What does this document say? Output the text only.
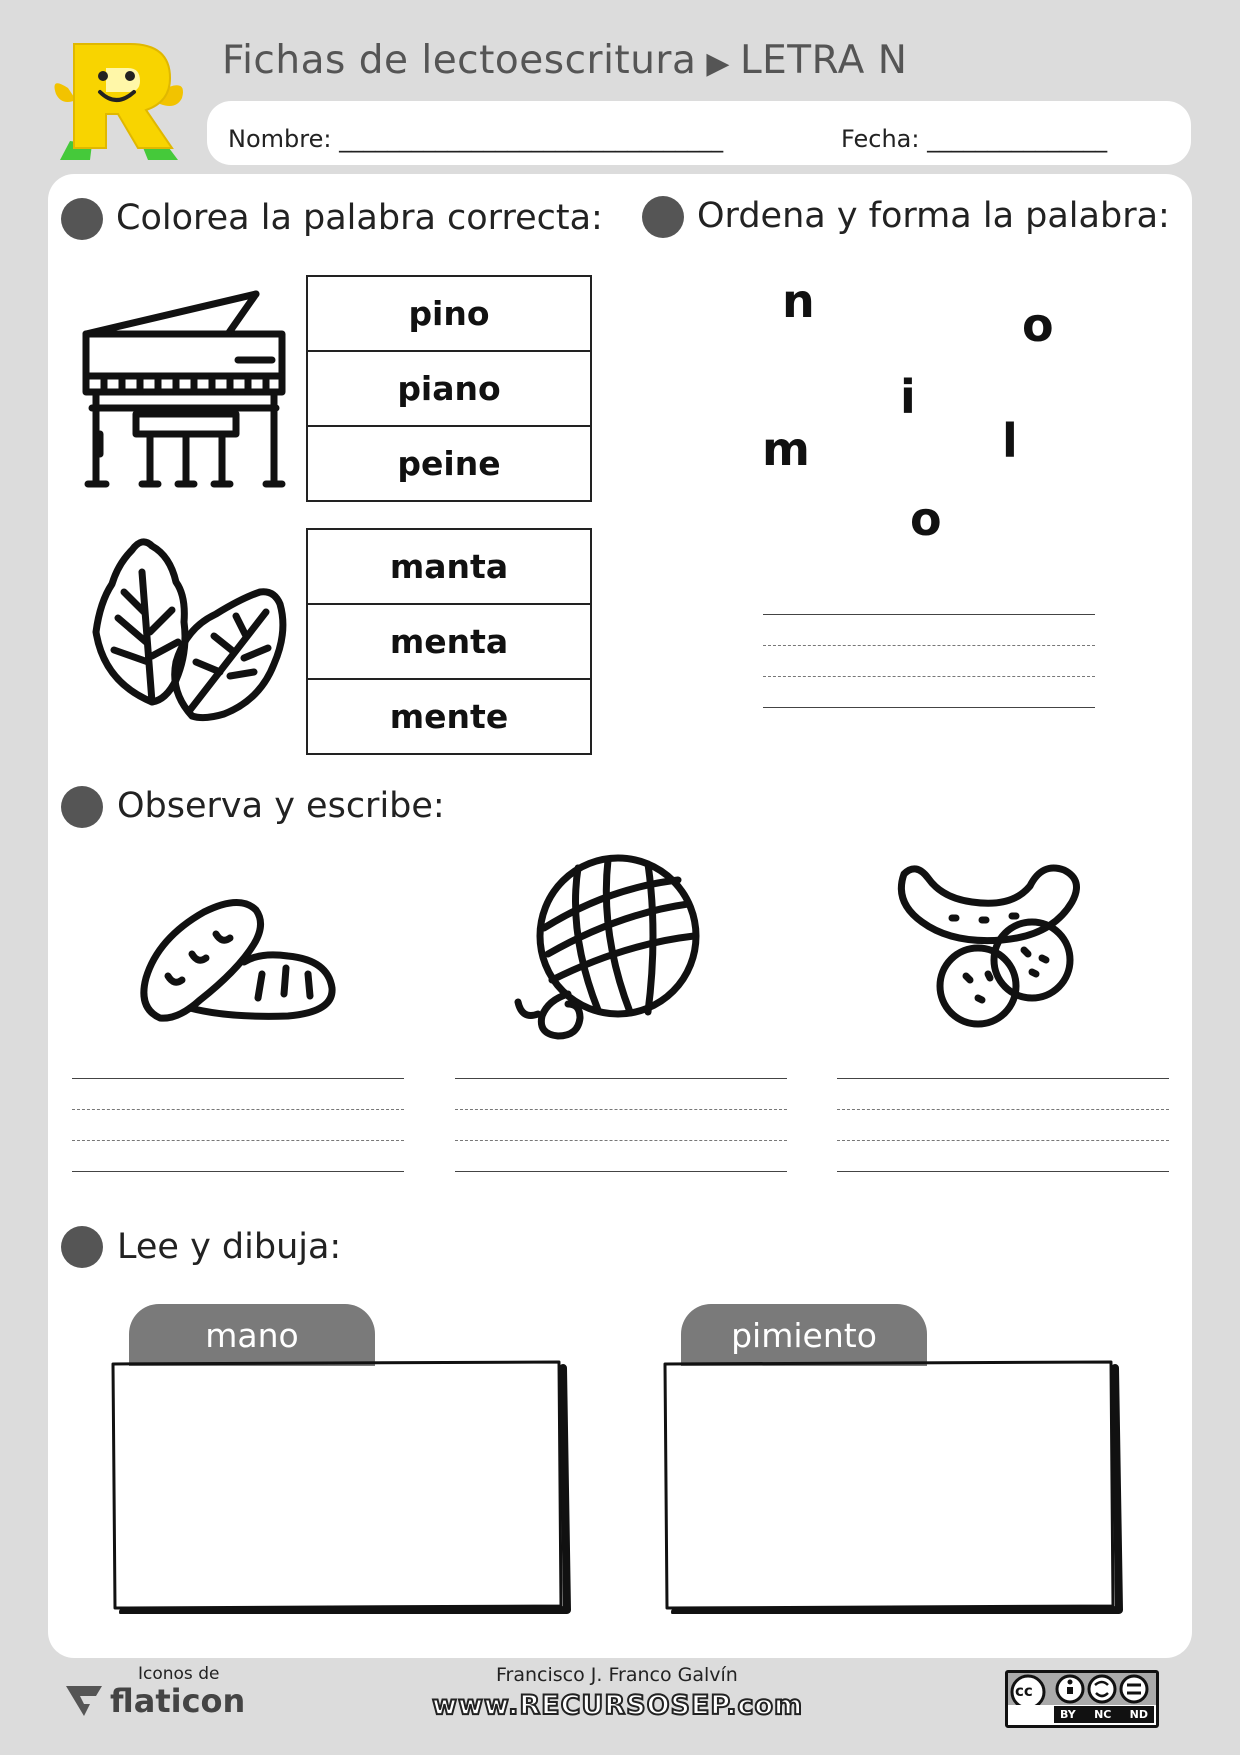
Fichas de lectoescritura ▶ LETRA N
Nombre: ________________________________	Fecha: _______________
Colorea la palabra correcta:
pino
piano
peine
manta
menta
mente
Ordena y forma la palabra:
n	o
i
m	l
o
Observa y escribe:
Lee y dibuja:
mano	pimiento
Iconos de
flaticon
Francisco J. Franco Galvín
www.RECURSOSEP.com	cc
BY NC ND
